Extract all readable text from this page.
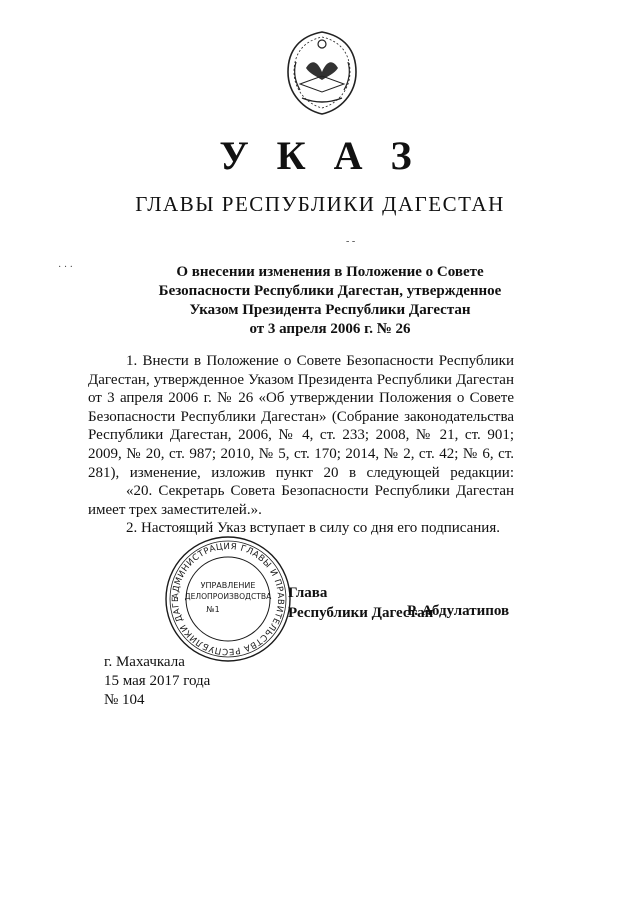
У К А З
ГЛАВЫ РЕСПУБЛИКИ ДАГЕСТАН
- -
· · ·	О внесении изменения в Положение о Совете
Безопасности Республики Дагестан, утвержденное
Указом Президента Республики Дагестан
от 3 апреля 2006 г. № 26

1. Внести в Положение о Совете Безопасности Республики Дагестан, утвержденное Указом Президента Республики Дагестан от 3 апреля 2006 г. № 26 «Об утверждении Положения о Совете Безопасности Республики Дагестан» (Собрание законодательства Республики Дагестан, 2006, № 4, ст. 233; 2008, № 21, ст. 901; 2009, № 20, ст. 987; 2010, № 5, ст. 170; 2014, № 2, ст. 42; № 6, ст. 281), изменение, изложив пункт 20 в следующей редакции:

«20. Секретарь Совета Безопасности Республики Дагестан имеет трех заместителей.».

2. Настоящий Указ вступает в силу со дня его подписания.

АДМИНИСТРАЦИЯ ГЛАВЫ И ПРАВИТЕЛЬСТВА РЕСПУБЛИКИ ДАГЕ
УПРАВЛЕНИЕ
ДЕЛОПРОИЗВОДСТВА
№1
Глава
Республики Дагестан
Р. Абдулатипов
г. Махачкала
15 мая 2017 года
№ 104
